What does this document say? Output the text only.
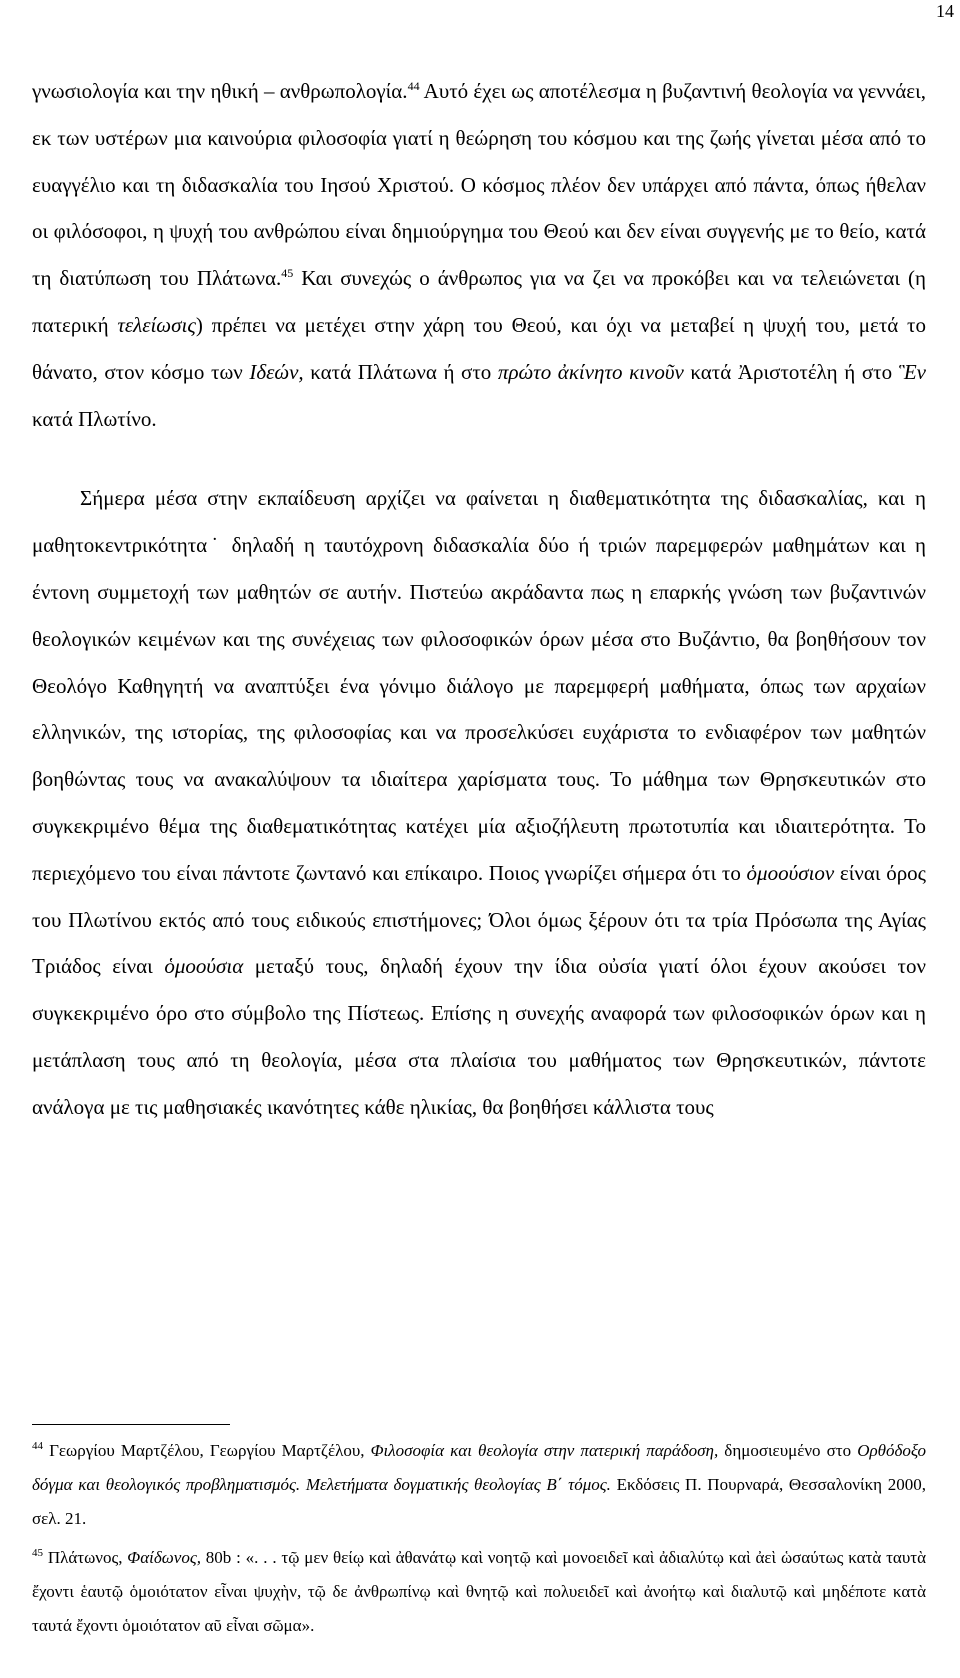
14

γνωσιολογία και την ηθική – ανθρωπολογία.$^{44}$ Αυτό έχει ως αποτέλεσμα η βυζαντινή θεολογία να γεννάει, εκ των υστέρων μια καινούρια φιλοσοφία γιατί η θεώρηση του κόσμου και της ζωής γίνεται μέσα από το ευαγγέλιο και τη διδασκαλία του Ιησού Χριστού. Ο κόσμος πλέον δεν υπάρχει από πάντα, όπως ήθελαν οι φιλόσοφοι, η ψυχή του ανθρώπου είναι δημιούργημα του Θεού και δεν είναι συγγενής με το θείο, κατά τη διατύπωση του Πλάτωνα.$^{45}$ Και συνεχώς ο άνθρωπος για να ζει να προκόβει και να τελειώνεται (η πατερική τελείωσις) πρέπει να μετέχει στην χάρη του Θεού, και όχι να μεταβεί η ψυχή του, μετά το θάνατο, στον κόσμο των Ιδεών, κατά Πλάτωνα ή στο πρώτο ἀκίνητο κινοῦν κατά Ἀριστοτέλη ή στο Ἓν κατά Πλωτίνο.

Σήμερα μέσα στην εκπαίδευση αρχίζει να φαίνεται η διαθεματικότητα της διδασκαλίας, και η μαθητοκεντρικότητα˙ δηλαδή η ταυτόχρονη διδασκαλία δύο ή τριών παρεμφερών μαθημάτων και η έντονη συμμετοχή των μαθητών σε αυτήν. Πιστεύω ακράδαντα πως η επαρκής γνώση των βυζαντινών θεολογικών κειμένων και της συνέχειας των φιλοσοφικών όρων μέσα στο Βυζάντιο, θα βοηθήσουν τον Θεολόγο Καθηγητή να αναπτύξει ένα γόνιμο διάλογο με παρεμφερή μαθήματα, όπως των αρχαίων ελληνικών, της ιστορίας, της φιλοσοφίας και να προσελκύσει ευχάριστα το ενδιαφέρον των μαθητών βοηθώντας τους να ανακαλύψουν τα ιδιαίτερα χαρίσματα τους. Το μάθημα των Θρησκευτικών στο συγκεκριμένο θέμα της διαθεματικότητας κατέχει μία αξιοζήλευτη πρωτοτυπία και ιδιαιτερότητα. Το περιεχόμενο του είναι πάντοτε ζωντανό και επίκαιρο. Ποιος γνωρίζει σήμερα ότι το ὁμοούσιον είναι όρος του Πλωτίνου εκτός από τους ειδικούς επιστήμονες; Όλοι όμως ξέρουν ότι τα τρία Πρόσωπα της Αγίας Τριάδος είναι ὁμοούσια μεταξύ τους, δηλαδή έχουν την ίδια οὐσία γιατί όλοι έχουν ακούσει τον συγκεκριμένο όρο στο σύμβολο της Πίστεως. Επίσης η συνεχής αναφορά των φιλοσοφικών όρων και η μετάπλαση τους από τη θεολογία, μέσα στα πλαίσια του μαθήματος των Θρησκευτικών, πάντοτε ανάλογα με τις μαθησιακές ικανότητες κάθε ηλικίας, θα βοηθήσει κάλλιστα τους

$^{44}$ Γεωργίου Μαρτζέλου, Γεωργίου Μαρτζέλου, Φιλοσοφία και θεολογία στην πατερική παράδοση, δημοσιευμένο στο Ορθόδοξο δόγμα και θεολογικός προβληματισμός. Μελετήματα δογματικής θεολογίας Β΄ τόμος. Εκδόσεις Π. Πουρναρά, Θεσσαλονίκη 2000, σελ. 21.

$^{45}$ Πλάτωνος, Φαίδωνος, 80b : «. . . τῷ μεν θείῳ καὶ ἀθανάτῳ καὶ νοητῷ καὶ μονοειδεῖ καὶ ἀδιαλύτῳ καὶ ἀεὶ ὡσαύτως κατὰ ταυτὰ ἔχοντι ἑαυτῷ ὁμοιότατον εἶναι ψυχὴν, τῷ δε ἀνθρωπίνῳ καὶ θνητῷ καὶ πολυειδεῖ καὶ ἀνοήτῳ καὶ διαλυτῷ καὶ μηδέποτε κατὰ ταυτά ἔχοντι ὁμοιότατον αῦ εἶναι σῶμα».
